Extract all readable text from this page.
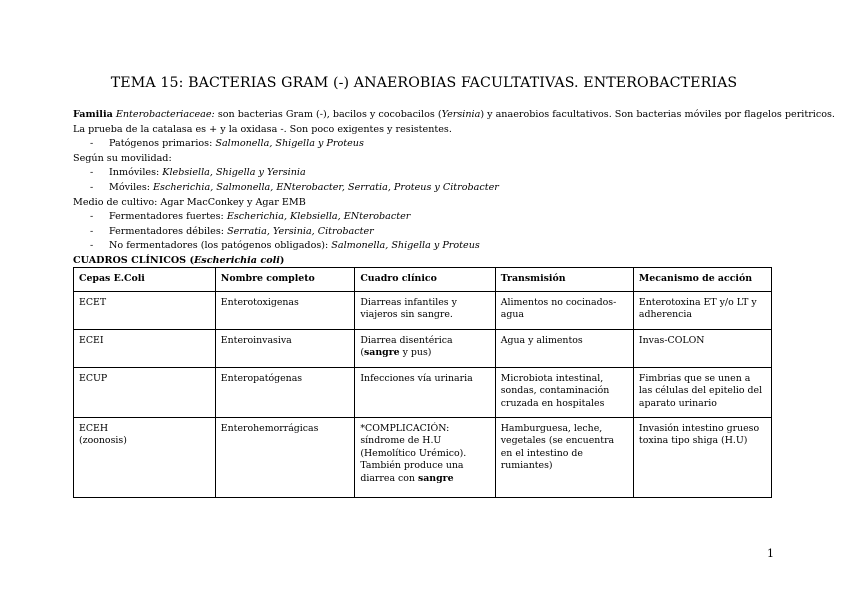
TEMA 15: BACTERIAS GRAM (-) ANAEROBIAS FACULTATIVAS. ENTEROBACTERIAS

Familia Enterobacteriaceae: son bacterias Gram (-), bacilos y cocobacilos (Yersinia) y anaerobios facultativos. Son bacterias móviles por flagelos peritricos.

La prueba de la catalasa es + y la oxidasa -. Son poco exigentes y resistentes.

- Patógenos primarios: Salmonella, Shigella y Proteus

Según su movilidad:

- Inmóviles: Klebsiella, Shigella y Yersinia

- Móviles: Escherichia, Salmonella, ENterobacter, Serratia, Proteus y Citrobacter

Medio de cultivo: Agar MacConkey y Agar EMB

- Fermentadores fuertes: Escherichia, Klebsiella, ENterobacter

- Fermentadores débiles: Serratia, Yersinia, Citrobacter

- No fermentadores (los patógenos obligados): Salmonella, Shigella y Proteus

CUADROS CLÍNICOS (Escherichia coli)

Cepas E.Coli	Nombre completo	Cuadro clínico	Transmisión	Mecanismo de acción
ECET	Enterotoxigenas	Diarreas infantiles y viajeros sin sangre.	Alimentos no cocinados-agua	Enterotoxina ET y/o LT y adherencia
ECEI	Enteroinvasiva	Diarrea disentérica (sangre y pus)	Agua y alimentos	Invas-COLON
ECUP	Enteropatógenas	Infecciones vía urinaria	Microbiota intestinal, sondas, contaminación cruzada en hospitales	Fimbrias que se unen a las células del epitelio del aparato urinario

ECEH
(zoonosis)	Enterohemorrágicas	*COMPLICACIÓN: síndrome de H.U (Hemolítico Urémico). También produce una diarrea con sangre	Hamburguesa, leche, vegetales (se encuentra en el intestino de rumiantes)	Invasión intestino grueso toxina tipo shiga (H.U)
1
